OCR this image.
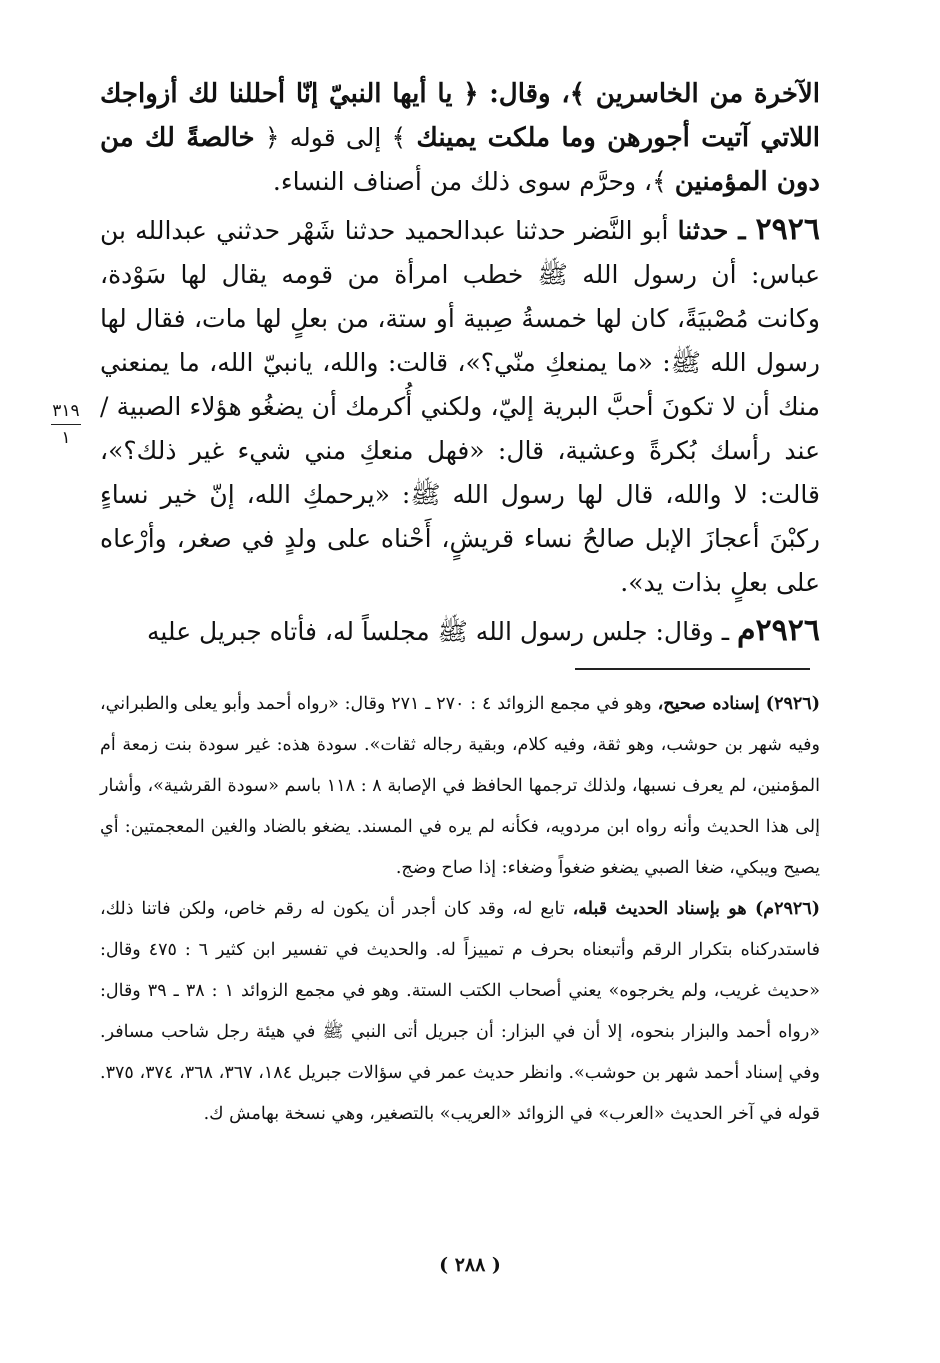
الآخرة من الخاسرين ﴾، وقال: ﴿ يا أيها النبيّ إنّا أحللنا لك أزواجك اللاتي آتيت أجورهن وما ملكت يمينك ﴾ إلى قوله ﴿ خالصةً لك من دون المؤمنين ﴾، وحرَّم سوى ذلك من أصناف النساء.

٢٩٢٦ ـ حدثنا أبو النَّضر حدثنا عبدالحميد حدثنا شَهْر حدثني عبدالله بن عباس: أن رسول الله ﷺ خطب امرأة من قومه يقال لها سَوْدة، وكانت مُصْبيَةً، كان لها خمسةُ صِبية أو ستة، من بعلٍ لها مات، فقال لها رسول الله ﷺ: «ما يمنعكِ منّي؟»، قالت: والله، يانبيّ الله، ما يمنعني منك أن لا تكونَ أحبَّ البرية إليّ، ولكني أُكرمك أن يضغُو هؤلاء الصبية / عند رأسك بُكرةً وعشية، قال: «فهل منعكِ مني شيء غير ذلك؟»، قالت: لا والله، قال لها رسول الله ﷺ: «يرحمكِ الله، إنّ خير نساءٍ ركبْنَ أعجازَ الإبل صالحُ نساء قريشٍ، أَحْناه على ولدٍ في صغر، وأرْعاه على بعلٍ بذات يد».

٢٩٢٦م ـ وقال: جلس رسول الله ﷺ مجلساً له، فأتاه جبريل عليه

٣١٩
١

(٢٩٢٦) إسناده صحيح، وهو في مجمع الزوائد ٤ : ٢٧٠ ـ ٢٧١ وقال: «رواه أحمد وأبو يعلى والطبراني، وفيه شهر بن حوشب، وهو ثقة، وفيه كلام، وبقية رجاله ثقات». سودة هذه: غير سودة بنت زمعة أم المؤمنين، لم يعرف نسبها، ولذلك ترجمها الحافظ في الإصابة ٨ : ١١٨ باسم «سودة القرشية»، وأشار إلى هذا الحديث وأنه رواه ابن مردويه، فكأنه لم يره في المسند. يضغو بالضاد والغين المعجمتين: أي يصيح ويبكي، ضغا الصبي يضغو ضغواً وضغاء: إذا صاح وضج.

(٢٩٢٦م) هو بإسناد الحديث قبله، تابع له، وقد كان أجدر أن يكون له رقم خاص، ولكن فاتنا ذلك، فاستدركناه بتكرار الرقم وأتبعناه بحرف م تمييزاً له. والحديث في تفسير ابن كثير ٦ : ٤٧٥ وقال: «حديث غريب، ولم يخرجوه» يعني أصحاب الكتب الستة. وهو في مجمع الزوائد ١ : ٣٨ ـ ٣٩ وقال: «رواه أحمد والبزار بنحوه، إلا أن في البزار: أن جبريل أتى النبي ﷺ في هيئة رجل شاحب مسافر. وفي إسناد أحمد شهر بن حوشب». وانظر حديث عمر في سؤالات جبريل ١٨٤، ٣٦٧، ٣٦٨، ٣٧٤، ٣٧٥. قوله في آخر الحديث «العرب» في الزوائد «العريب» بالتصغير، وهي نسخة بهامش ك.

( ٢٨٨ )
